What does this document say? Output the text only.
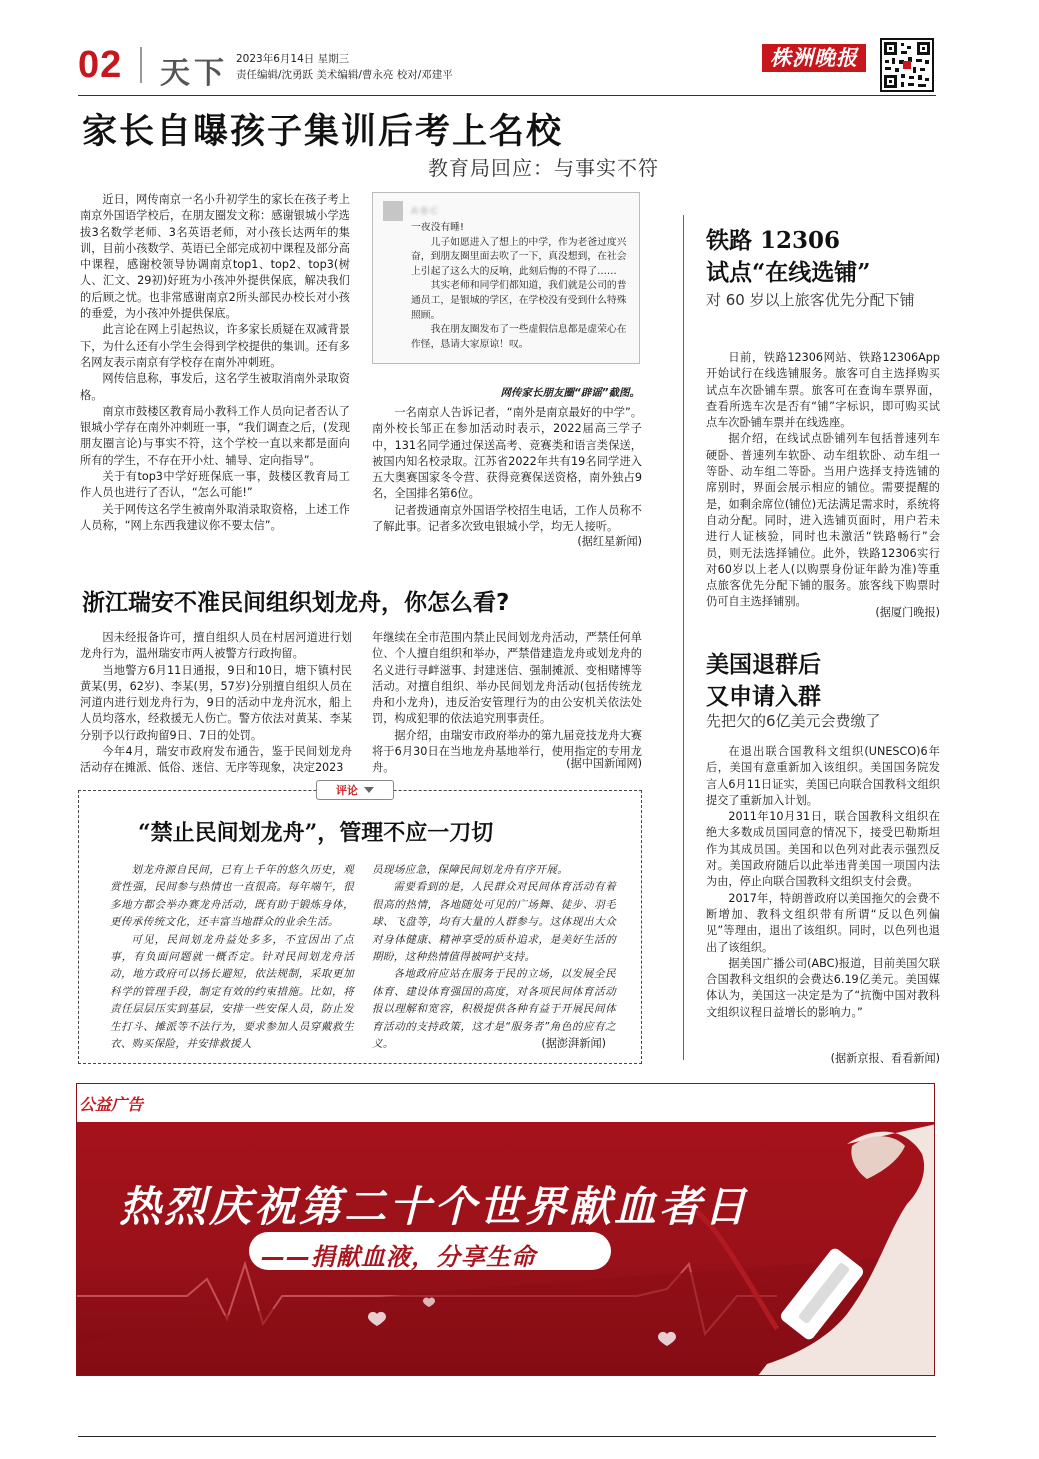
02 天下 2023年6月14日 星期三
责任编辑/沈勇跃 美术编辑/曹永亮 校对/邓建平
株洲晚报
家长自曝孩子集训后考上名校
教育局回应：与事实不符

近日，网传南京一名小升初学生的家长在孩子考上南京外国语学校后，在朋友圈发文称：感谢银城小学选拔3名数学老师、3名英语老师，对小孩长达两年的集训，目前小孩数学、英语已全部完成初中课程及部分高中课程，感谢校领导协调南京top1、top2、top3(树人、汇文、29初)好班为小孩冲外提供保底，解决我们的后顾之忧。也非常感谢南京2所头部民办校长对小孩的垂爱，为小孩冲外提供保底。

此言论在网上引起热议，许多家长质疑在双减背景下，为什么还有小学生会得到学校提供的集训。还有多名网友表示南京有学校存在南外冲刺班。

网传信息称，事发后，这名学生被取消南外录取资格。

南京市鼓楼区教育局小教科工作人员向记者否认了银城小学存在南外冲刺班一事，“我们调查之后，(发现朋友圈言论)与事实不符，这个学校一直以来都是面向所有的学生，不存在开小灶、辅导、定向指导”。

关于有top3中学好班保底一事，鼓楼区教育局工作人员也进行了否认，“怎么可能!”

关于网传这名学生被南外取消录取资格，上述工作人员称，“网上东西我建议你不要太信”。

A·B·C
一夜没有睡!
儿子如愿进入了想上的中学，作为老爸过度兴奋，到朋友圈里面去吹了一下，真没想到，在社会上引起了这么大的反响，此刻后悔的不得了……
其实老师和同学们都知道，我们就是公司的普通员工，是银城的学区，在学校没有受到什么特殊照顾。
我在朋友圈发布了一些虚假信息都是虚荣心在作怪，恳请大家原谅！叹。
网传家长朋友圈“辟谣”截图。

一名南京人告诉记者，“南外是南京最好的中学”。南外校长邹正在参加活动时表示，2022届高三学子中，131名同学通过保送高考、竞赛类和语言类保送，被国内知名校录取。江苏省2022年共有19名同学进入五大奥赛国家冬令营、获得竞赛保送资格，南外独占9名，全国排名第6位。

记者拨通南京外国语学校招生电话，工作人员称不了解此事。记者多次致电银城小学，均无人接听。

(据红星新闻)
浙江瑞安不准民间组织划龙舟，你怎么看?

因未经报备许可，擅自组织人员在村居河道进行划龙舟行为，温州瑞安市两人被警方行政拘留。

当地警方6月11日通报，9日和10日，塘下镇村民黄某(男，62岁)、李某(男，57岁)分别擅自组织人员在河道内进行划龙舟行为，9日的活动中龙舟沉水，船上人员均落水，经救援无人伤亡。警方依法对黄某、李某分别予以行政拘留9日、7日的处罚。

今年4月，瑞安市政府发布通告，鉴于民间划龙舟活动存在摊派、低俗、迷信、无序等现象，决定2023

年继续在全市范围内禁止民间划龙舟活动，严禁任何单位、个人擅自组织和举办，严禁借建造龙舟或划龙舟的名义进行寻衅滋事、封建迷信、强制摊派、变相赌博等活动。对擅自组织、举办民间划龙舟活动(包括传统龙舟和小龙舟)，违反治安管理行为的由公安机关依法处罚，构成犯罪的依法追究刑事责任。

据介绍，由瑞安市政府举办的第九届竞技龙舟大赛将于6月30日在当地龙舟基地举行，使用指定的专用龙舟。	(据中国新闻网)
评论
“禁止民间划龙舟”，管理不应一刀切

划龙舟源自民间，已有上千年的悠久历史，观赏性强，民间参与热情也一直很高。每年端午，很多地方都会举办赛龙舟活动，既有助于锻炼身体，更传承传统文化，还丰富当地群众的业余生活。

可见，民间划龙舟益处多多，不宜因出了点事，有负面问题就一概否定。针对民间划龙舟活动，地方政府可以扬长避短，依法规制，采取更加科学的管理手段，制定有效的约束措施。比如，将责任层层压实到基层，安排一些安保人员，防止发生打斗、摊派等不法行为，要求参加人员穿戴救生衣、购买保险，并安排救援人

员现场应急，保障民间划龙舟有序开展。

需要看到的是，人民群众对民间体育活动有着很高的热情，各地随处可见的广场舞、徒步、羽毛球、飞盘等，均有大量的人群参与。这体现出大众对身体健康、精神享受的质朴追求，是美好生活的期盼，这种热情值得被呵护支持。

各地政府应站在服务于民的立场，以发展全民体育、建设体育强国的高度，对各项民间体育活动报以理解和宽容，积极提供各种有益于开展民间体育活动的支持政策，这才是“服务者”角色的应有之义。	(据澎湃新闻)
铁路 12306
试点“在线选铺”
对 60 岁以上旅客优先分配下铺

日前，铁路12306网站、铁路12306App开始试行在线选铺服务。旅客可自主选择购买试点车次卧铺车票。旅客可在查询车票界面，查看所选车次是否有“铺”字标识，即可购买试点车次卧铺车票并在线选座。

据介绍，在线试点卧铺列车包括普速列车硬卧、普速列车软卧、动车组软卧、动车组一等卧、动车组二等卧。当用户选择支持选铺的席别时，界面会展示相应的铺位。需要提醒的是，如剩余席位(铺位)无法满足需求时，系统将自动分配。同时，进入选铺页面时，用户若未进行人证核验，同时也未激活“铁路畅行”会员，则无法选择铺位。此外，铁路12306实行对60岁以上老人(以购票身份证年龄为准)等重点旅客优先分配下铺的服务。旅客线下购票时仍可自主选择铺别。

(据厦门晚报)
美国退群后
又申请入群
先把欠的6亿美元会费缴了

在退出联合国教科文组织(UNESCO)6年后，美国有意重新加入该组织。美国国务院发言人6月11日证实，美国已向联合国教科文组织提交了重新加入计划。

2011年10月31日，联合国教科文组织在绝大多数成员国同意的情况下，接受巴勒斯坦作为其成员国。美国和以色列对此表示强烈反对。美国政府随后以此举违背美国一项国内法为由，停止向联合国教科文组织支付会费。

2017年，特朗普政府以美国拖欠的会费不断增加、教科文组织带有所谓“反以色列偏见”等理由，退出了该组织。同时，以色列也退出了该组织。

据美国广播公司(ABC)报道，目前美国欠联合国教科文组织的会费达6.19亿美元。美国媒体认为，美国这一决定是为了“抗衡中国对教科文组织议程日益增长的影响力。”

(据新京报、看看新闻)
公益广告
热烈庆祝第二十个世界献血者日
——捐献血液，分享生命
